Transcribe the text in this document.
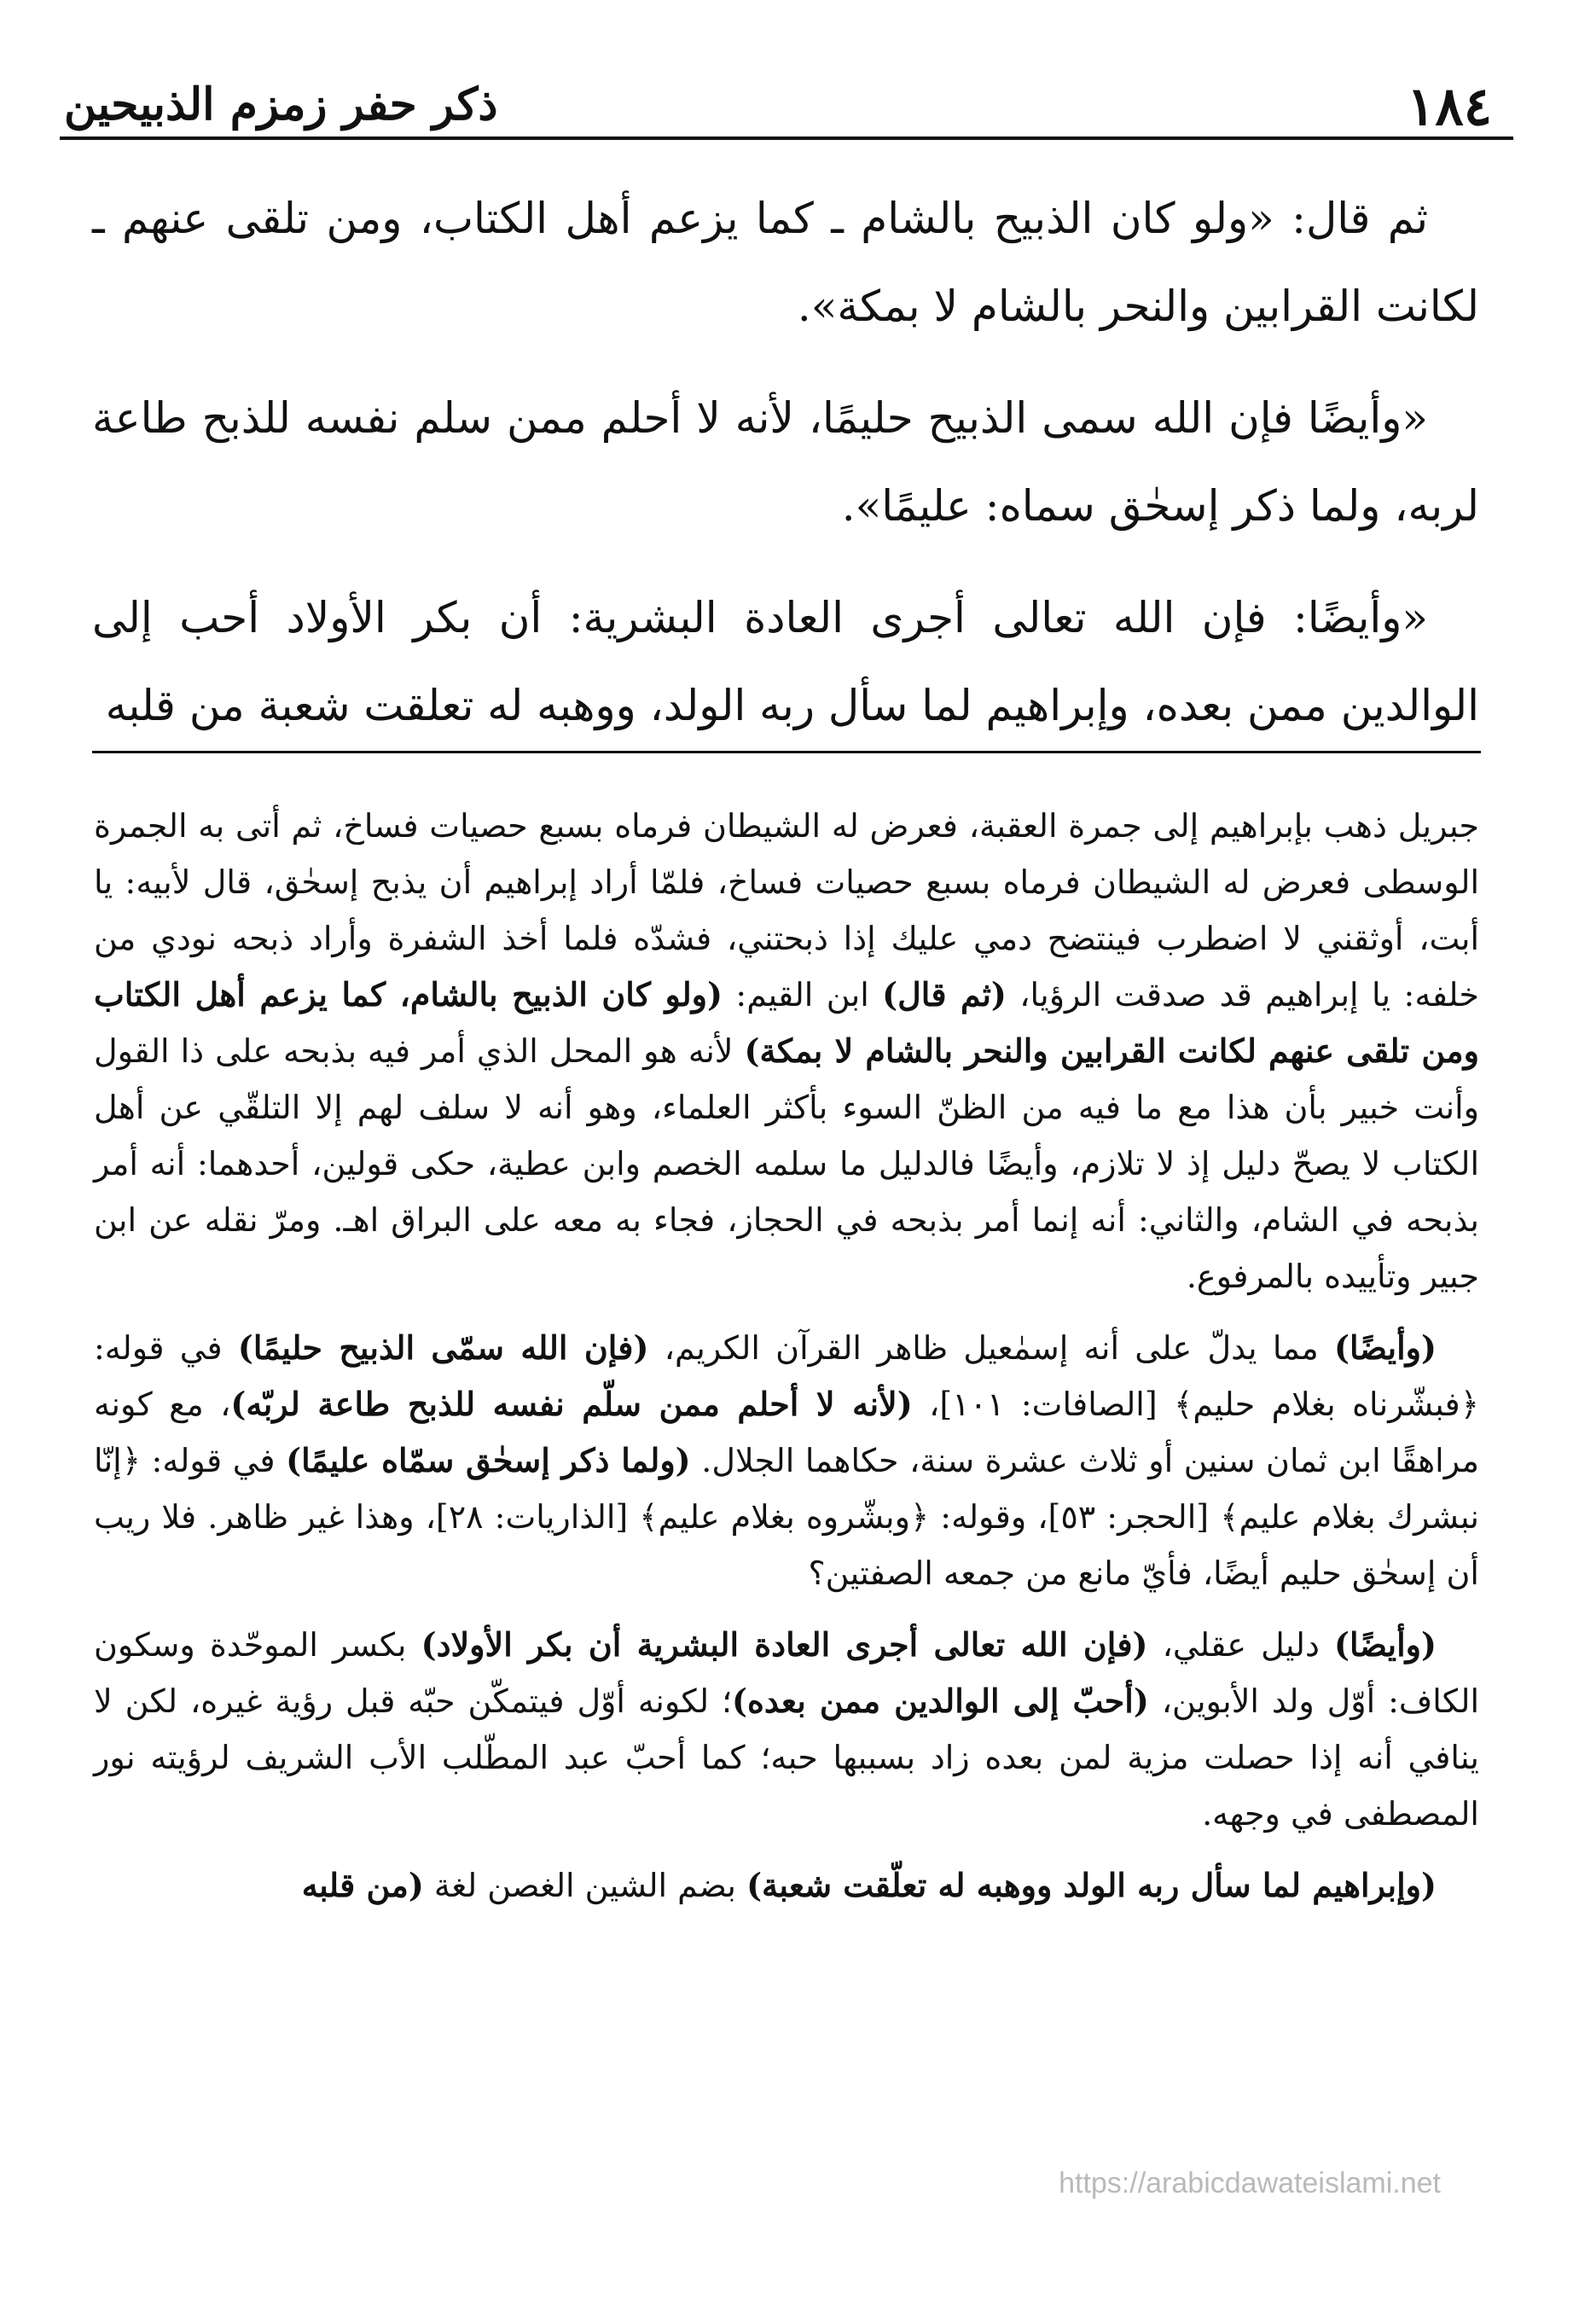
١٨٤
ذكر حفر زمزم الذبيحين

ثم قال: «ولو كان الذبيح بالشام ـ كما يزعم أهل الكتاب، ومن تلقى عنهم ـ لكانت القرابين والنحر بالشام لا بمكة».

«وأيضًا فإن الله سمى الذبيح حليمًا، لأنه لا أحلم ممن سلم نفسه للذبح طاعة لربه، ولما ذكر إسحٰق سماه: عليمًا».

«وأيضًا: فإن الله تعالى أجرى العادة البشرية: أن بكر الأولاد أحب إلى الوالدين ممن بعده، وإبراهيم لما سأل ربه الولد، ووهبه له تعلقت شعبة من قلبه

جبريل ذهب بإبراهيم إلى جمرة العقبة، فعرض له الشيطان فرماه بسبع حصيات فساخ، ثم أتى به الجمرة الوسطى فعرض له الشيطان فرماه بسبع حصيات فساخ، فلمّا أراد إبراهيم أن يذبح إسحٰق، قال لأبيه: يا أبت، أوثقني لا اضطرب فينتضح دمي عليك إذا ذبحتني، فشدّه فلما أخذ الشفرة وأراد ذبحه نودي من خلفه: يا إبراهيم قد صدقت الرؤيا، (ثم قال) ابن القيم: (ولو كان الذبيح بالشام، كما يزعم أهل الكتاب ومن تلقى عنهم لكانت القرابين والنحر بالشام لا بمكة) لأنه هو المحل الذي أمر فيه بذبحه على ذا القول وأنت خبير بأن هذا مع ما فيه من الظنّ السوء بأكثر العلماء، وهو أنه لا سلف لهم إلا التلقّي عن أهل الكتاب لا يصحّ دليل إذ لا تلازم، وأيضًا فالدليل ما سلمه الخصم وابن عطية، حكى قولين، أحدهما: أنه أمر بذبحه في الشام، والثاني: أنه إنما أمر بذبحه في الحجاز، فجاء به معه على البراق اهـ. ومرّ نقله عن ابن جبير وتأييده بالمرفوع.

(وأيضًا) مما يدلّ على أنه إسمٰعيل ظاهر القرآن الكريم، (فإن الله سمّى الذبيح حليمًا) في قوله: ﴿فبشّرناه بغلام حليم﴾ [الصافات: ١٠١]، (لأنه لا أحلم ممن سلّم نفسه للذبح طاعة لربّه)، مع كونه مراهقًا ابن ثمان سنين أو ثلاث عشرة سنة، حكاهما الجلال. (ولما ذكر إسحٰق سمّاه عليمًا) في قوله: ﴿إنّا نبشرك بغلام عليم﴾ [الحجر: ٥٣]، وقوله: ﴿وبشّروه بغلام عليم﴾ [الذاريات: ٢٨]، وهذا غير ظاهر. فلا ريب أن إسحٰق حليم أيضًا، فأيّ مانع من جمعه الصفتين؟

(وأيضًا) دليل عقلي، (فإن الله تعالى أجرى العادة البشرية أن بكر الأولاد) بكسر الموحّدة وسكون الكاف: أوّل ولد الأبوين، (أحبّ إلى الوالدين ممن بعده)؛ لكونه أوّل فيتمكّن حبّه قبل رؤية غيره، لكن لا ينافي أنه إذا حصلت مزية لمن بعده زاد بسببها حبه؛ كما أحبّ عبد المطّلب الأب الشريف لرؤيته نور المصطفى في وجهه.

(وإبراهيم لما سأل ربه الولد ووهبه له تعلّقت شعبة) بضم الشين الغصن لغة (من قلبه

https://arabicdawateislami.net
